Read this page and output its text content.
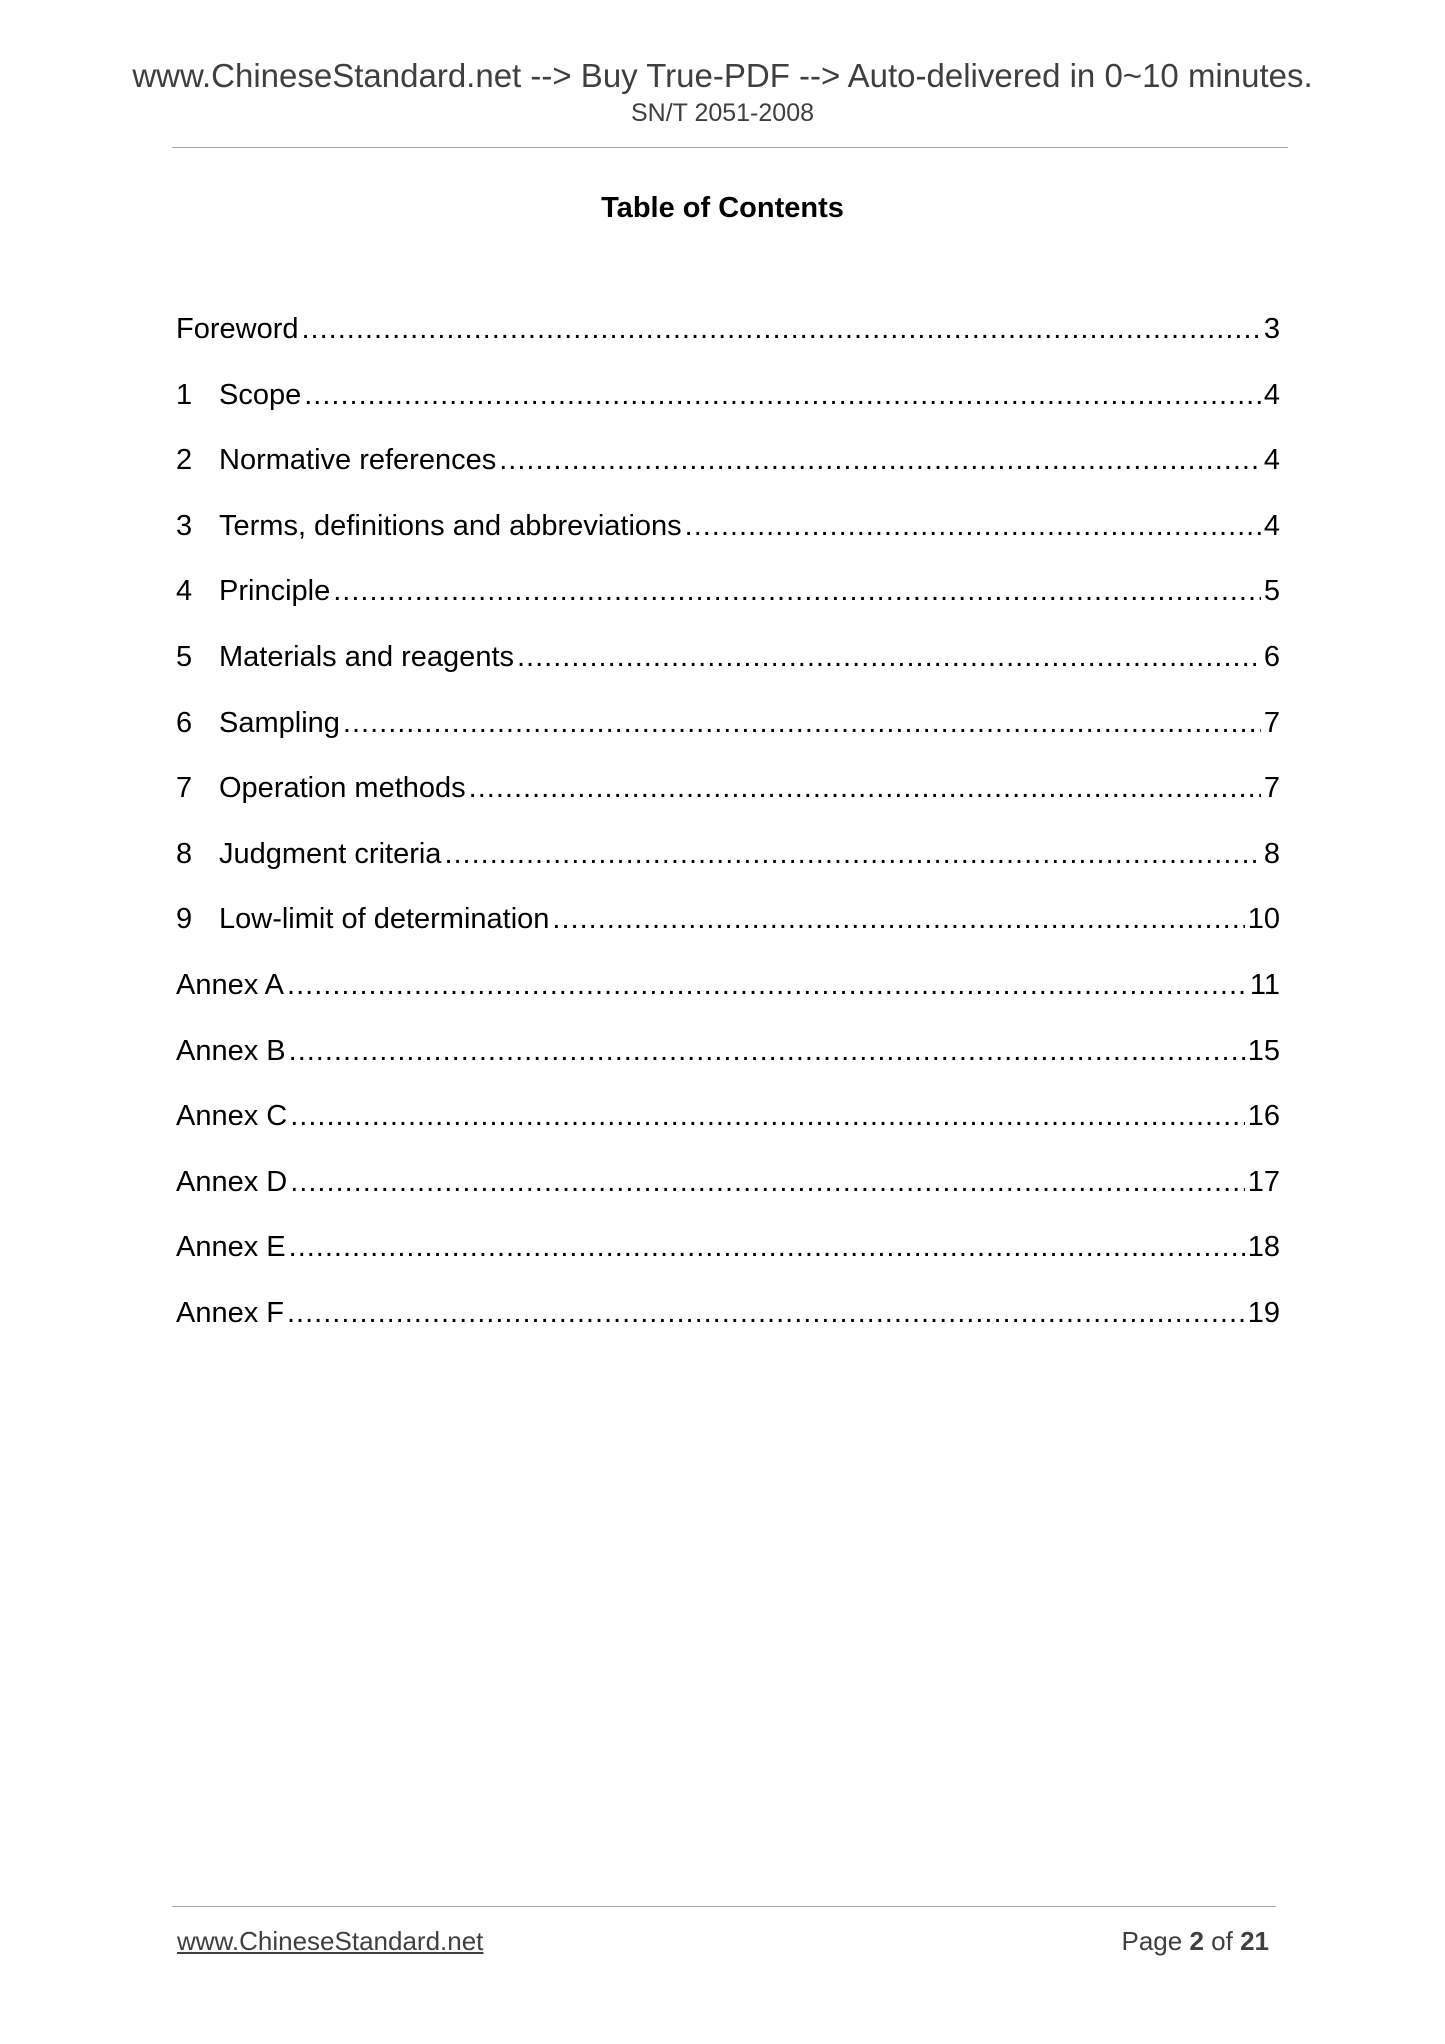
www.ChineseStandard.net --> Buy True-PDF --> Auto-delivered in 0~10 minutes.
SN/T 2051-2008
Table of Contents
Foreword .....	3
1 Scope .....	4
2 Normative references .....	4
3 Terms, definitions and abbreviations .....	4
4 Principle .....	5
5 Materials and reagents .....	6
6 Sampling .....	7
7 Operation methods .....	7
8 Judgment criteria .....	8
9 Low-limit of determination .....	10
Annex A .....	11
Annex B .....	15
Annex C .....	16
Annex D .....	17
Annex E .....	18
Annex F .....	19
www.ChineseStandard.net	Page 2 of 21
